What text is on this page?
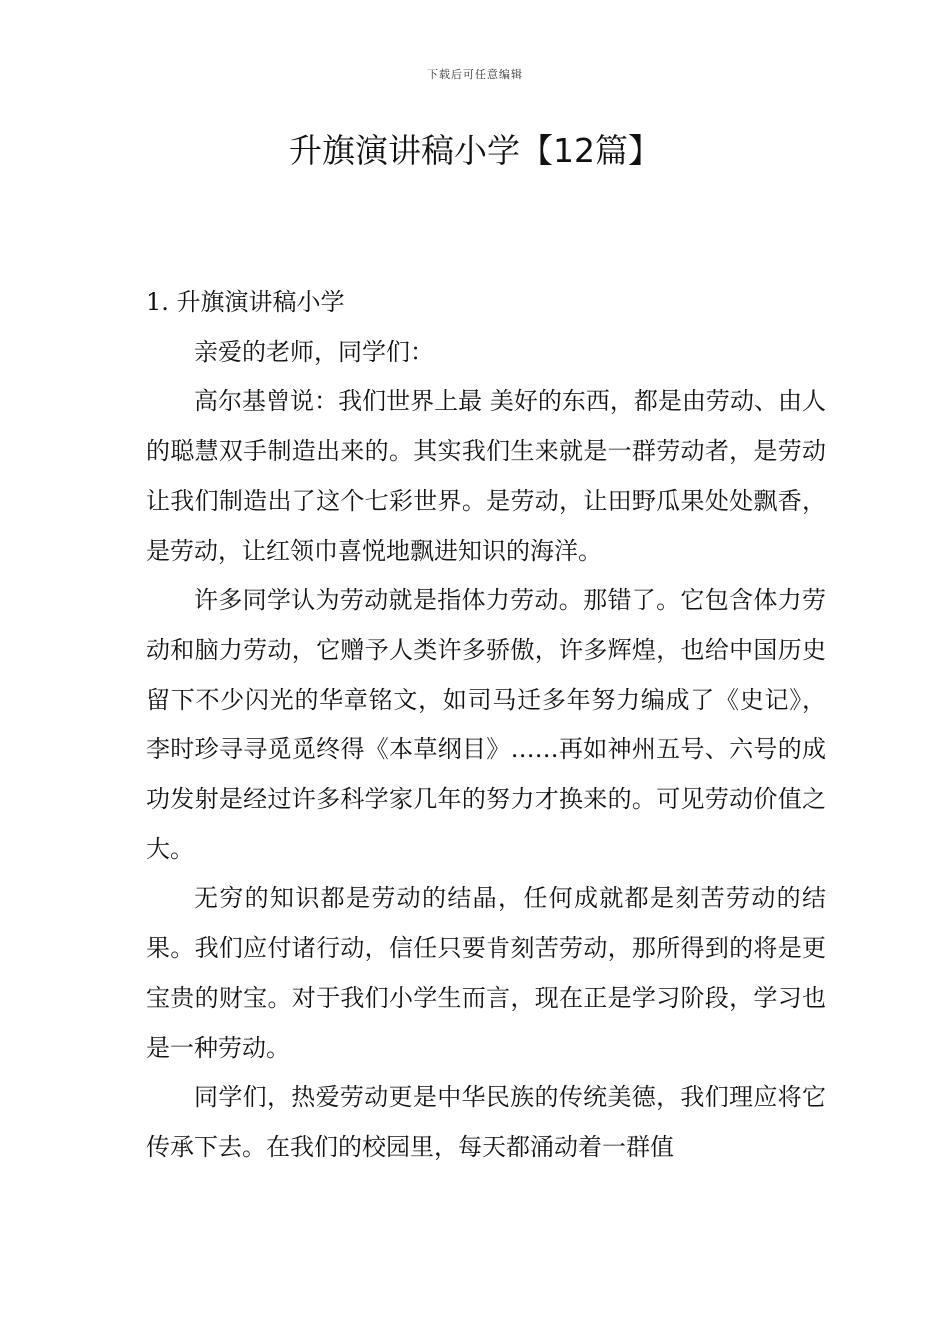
下载后可任意编辑
升旗演讲稿小学【12篇】
1. 升旗演讲稿小学

亲爱的老师，同学们：

高尔基曾说：我们世界上最 美好的东西，都是由劳动、由人的聪慧双手制造出来的。其实我们生来就是一群劳动者，是劳动让我们制造出了这个七彩世界。是劳动，让田野瓜果处处飘香，是劳动，让红领巾喜悦地飘进知识的海洋。

许多同学认为劳动就是指体力劳动。那错了。它包含体力劳动和脑力劳动，它赠予人类许多骄傲，许多辉煌，也给中国历史留下不少闪光的华章铭文，如司马迁多年努力编成了《史记》，李时珍寻寻觅觅终得《本草纲目》……再如神州五号、六号的成功发射是经过许多科学家几年的努力才换来的。可见劳动价值之大。

无穷的知识都是劳动的结晶，任何成就都是刻苦劳动的结果。我们应付诸行动，信任只要肯刻苦劳动，那所得到的将是更宝贵的财宝。对于我们小学生而言，现在正是学习阶段，学习也是一种劳动。

同学们，热爱劳动更是中华民族的传统美德，我们理应将它传承下去。在我们的校园里，每天都涌动着一群值
